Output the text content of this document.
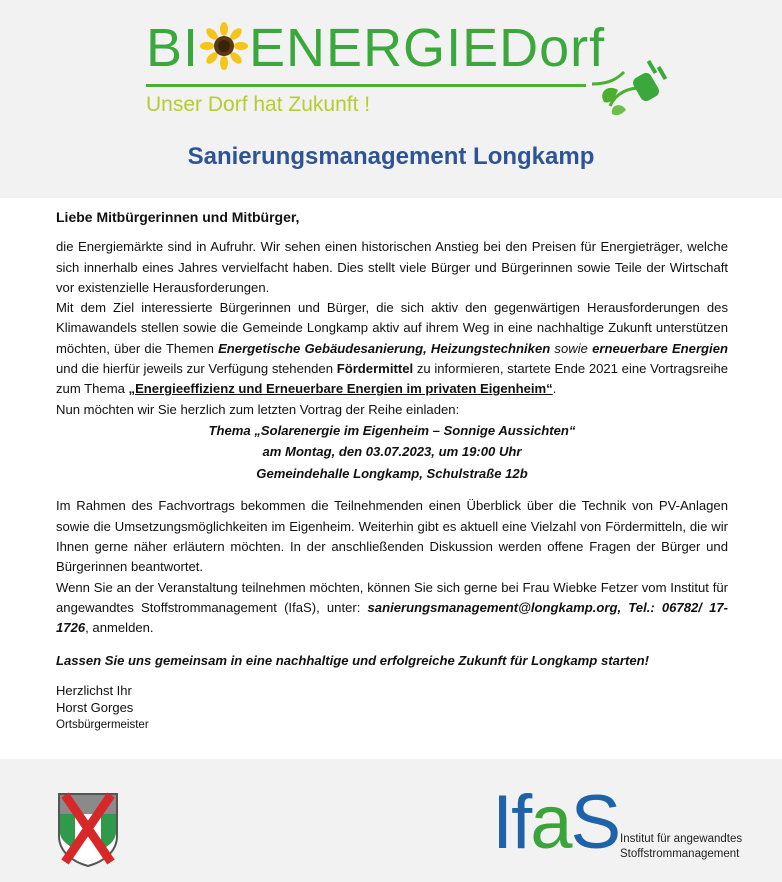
BI ENERGIEDorf
Unser Dorf hat Zukunft !
Sanierungsmanagement Longkamp

Liebe Mitbürgerinnen und Mitbürger,

die Energiemärkte sind in Aufruhr. Wir sehen einen historischen Anstieg bei den Preisen für Energieträger, welche sich innerhalb eines Jahres vervielfacht haben. Dies stellt viele Bürger und Bürgerinnen sowie Teile der Wirtschaft vor existenzielle Herausforderungen.

Mit dem Ziel interessierte Bürgerinnen und Bürger, die sich aktiv den gegenwärtigen Herausforderungen des Klimawandels stellen sowie die Gemeinde Longkamp aktiv auf ihrem Weg in eine nachhaltige Zukunft unterstützen möchten, über die Themen Energetische Gebäudesanierung, Heizungstechniken sowie erneuerbare Energien und die hierfür jeweils zur Verfügung stehenden Fördermittel zu informieren, startete Ende 2021 eine Vortragsreihe zum Thema „Energieeffizienz und Erneuerbare Energien im privaten Eigenheim“.

Nun möchten wir Sie herzlich zum letzten Vortrag der Reihe einladen:

Thema „Solarenergie im Eigenheim – Sonnige Aussichten“

am Montag, den 03.07.2023, um 19:00 Uhr

Gemeindehalle Longkamp, Schulstraße 12b

Im Rahmen des Fachvortrags bekommen die Teilnehmenden einen Überblick über die Technik von PV-Anlagen sowie die Umsetzungsmöglichkeiten im Eigenheim. Weiterhin gibt es aktuell eine Vielzahl von Fördermitteln, die wir Ihnen gerne näher erläutern möchten. In der anschließenden Diskussion werden offene Fragen der Bürger und Bürgerinnen beantwortet.

Wenn Sie an der Veranstaltung teilnehmen möchten, können Sie sich gerne bei Frau Wiebke Fetzer vom Institut für angewandtes Stoffstrommanagement (IfaS), unter: sanierungsmanagement@longkamp.org, Tel.: 06782/ 17-1726, anmelden.

Lassen Sie uns gemeinsam in eine nachhaltige und erfolgreiche Zukunft für Longkamp starten!

Herzlichst Ihr
Horst Gorges
Ortsbürgermeister
IfaS Institut für angewandtes
Stoffstrommanagement
